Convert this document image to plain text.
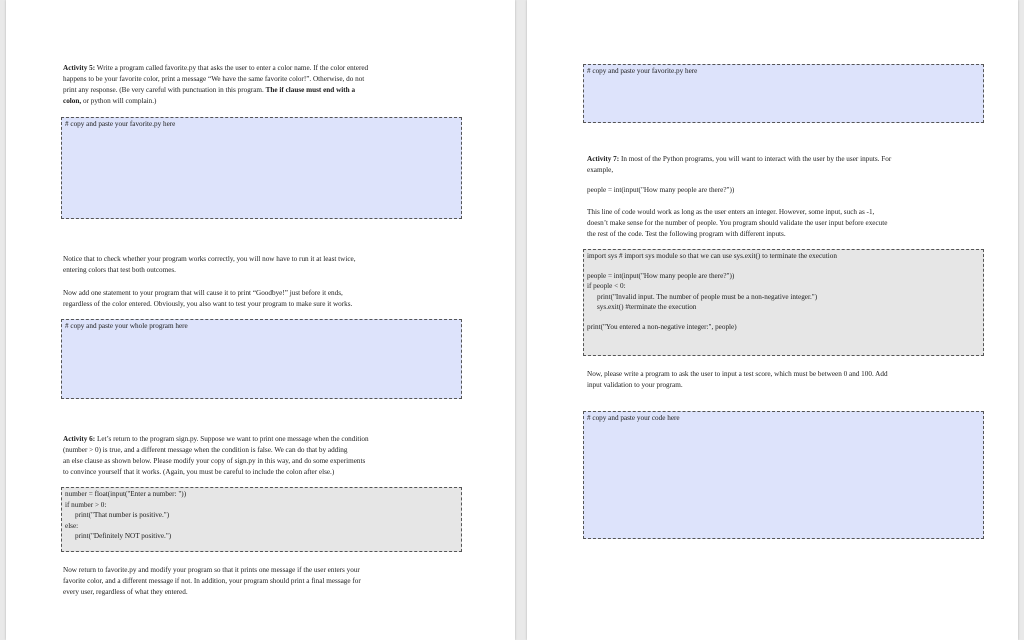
Activity 5: Write a program called favorite.py that asks the user to enter a color name. If the color entered
happens to be your favorite color, print a message “We have the same favorite color!”. Otherwise, do not
print any response. (Be very careful with punctuation in this program. The if clause must end with a
colon, or python will complain.)
# copy and paste your favorite.py here
Notice that to check whether your program works correctly, you will now have to run it at least twice,
entering colors that test both outcomes.
Now add one statement to your program that will cause it to print “Goodbye!” just before it ends,
regardless of the color entered. Obviously, you also want to test your program to make sure it works.
# copy and paste your whole program here
Activity 6: Let’s return to the program sign.py. Suppose we want to print one message when the condition
(number > 0) is true, and a different message when the condition is false. We can do that by adding
an else clause as shown below. Please modify your copy of sign.py in this way, and do some experiments
to convince yourself that it works. (Again, you must be careful to include the colon after else.)
number = float(input("Enter a number: "))
if number > 0:
print("That number is positive.")
else:
print("Definitely NOT positive.")
Now return to favorite.py and modify your program so that it prints one message if the user enters your
favorite color, and a different message if not. In addition, your program should print a final message for
every user, regardless of what they entered.
# copy and paste your favorite.py here
Activity 7: In most of the Python programs, you will want to interact with the user by the user inputs. For
example,
people = int(input("How many people are there?"))
This line of code would work as long as the user enters an integer. However, some input, such as -1,
doesn’t make sense for the number of people. You program should validate the user input before execute
the rest of the code. Test the following program with different inputs.
import sys # import sys module so that we can use sys.exit() to terminate the execution
people = int(input("How many people are there?"))
if people < 0:
print("Invalid input. The number of people must be a non-negative integer.")
sys.exit() #terminate the execution
print("You entered a non-negative integer:", people)
Now, please write a program to ask the user to input a test score, which must be between 0 and 100. Add
input validation to your program.
# copy and paste your code here
